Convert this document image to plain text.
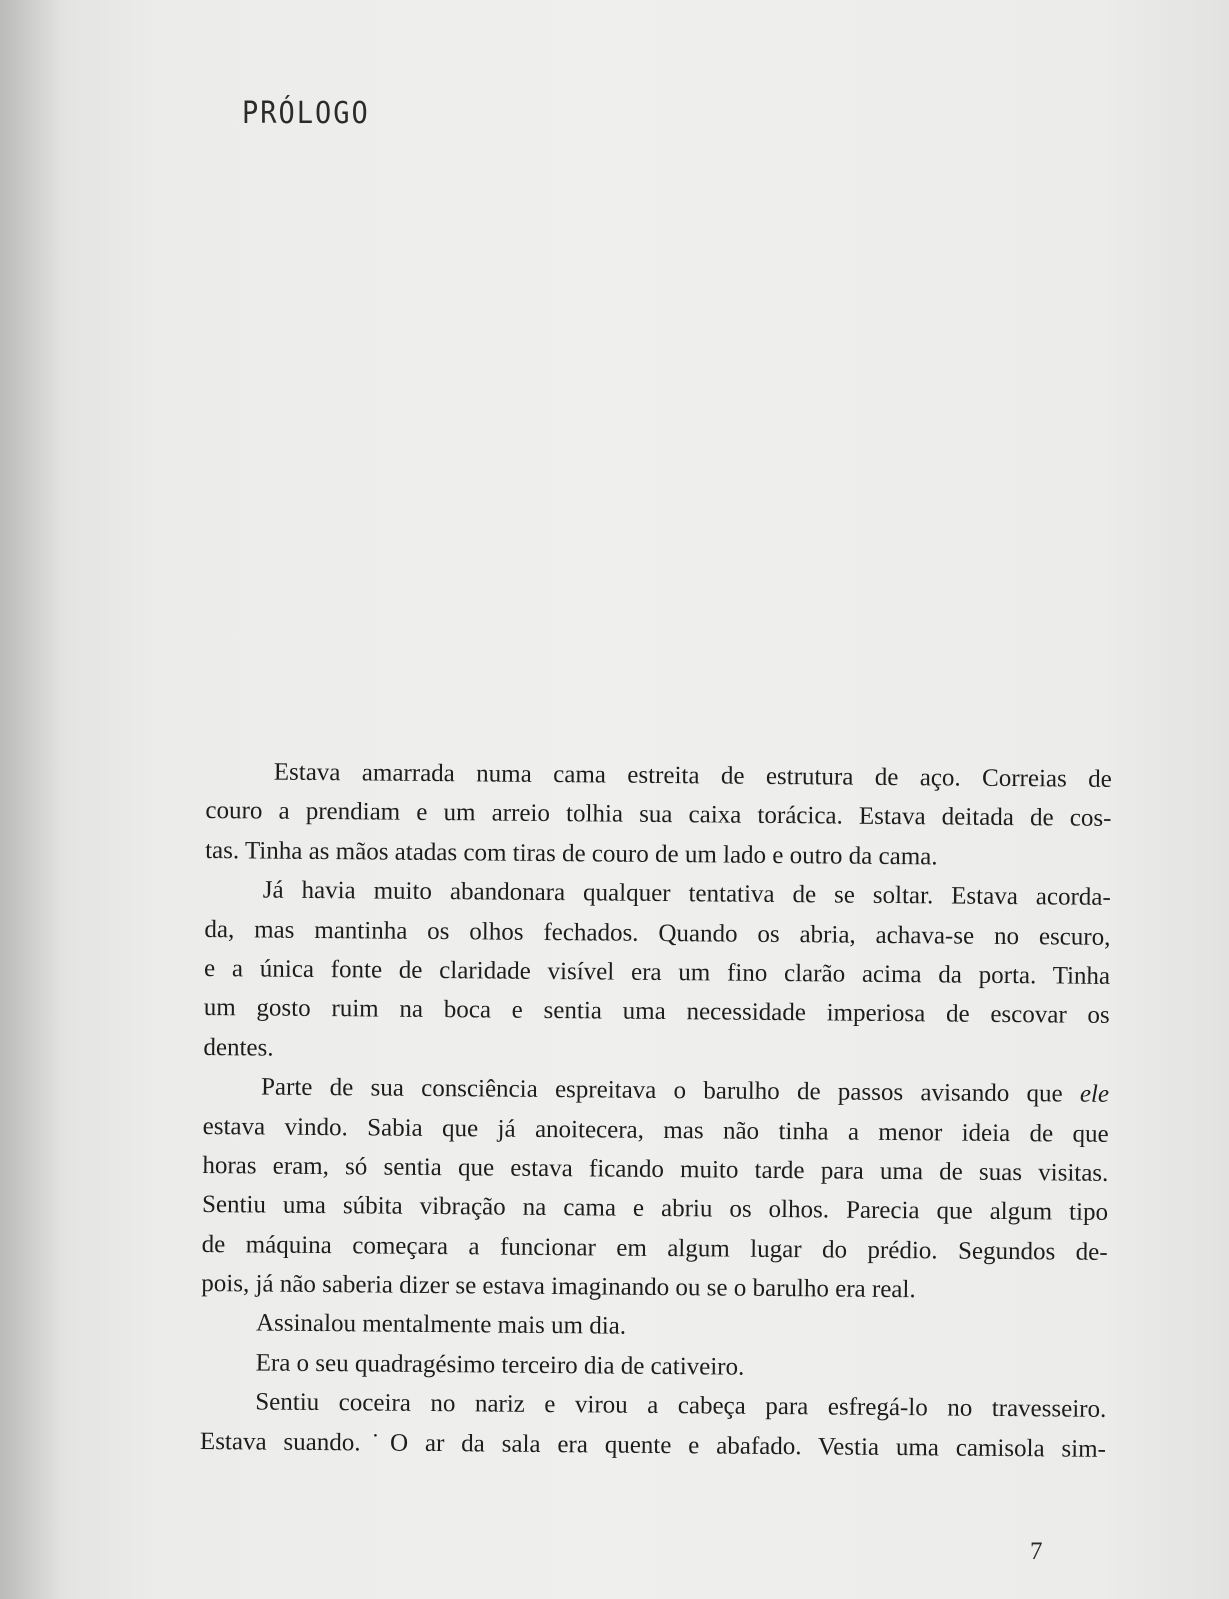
PRÓLOGO
Estava amarrada numa cama estreita de estrutura de aço. Correias de
couro a prendiam e um arreio tolhia sua caixa torácica. Estava deitada de cos-
tas. Tinha as mãos atadas com tiras de couro de um lado e outro da cama.
Já havia muito abandonara qualquer tentativa de se soltar. Estava acorda-
da, mas mantinha os olhos fechados. Quando os abria, achava-se no escuro,
e a única fonte de claridade visível era um fino clarão acima da porta. Tinha
um gosto ruim na boca e sentia uma necessidade imperiosa de escovar os
dentes.
Parte de sua consciência espreitava o barulho de passos avisando que ele
estava vindo. Sabia que já anoitecera, mas não tinha a menor ideia de que
horas eram, só sentia que estava ficando muito tarde para uma de suas visitas.
Sentiu uma súbita vibração na cama e abriu os olhos. Parecia que algum tipo
de máquina começara a funcionar em algum lugar do prédio. Segundos de-
pois, já não saberia dizer se estava imaginando ou se o barulho era real.
Assinalou mentalmente mais um dia.
Era o seu quadragésimo terceiro dia de cativeiro.
Sentiu coceira no nariz e virou a cabeça para esfregá-lo no travesseiro.
Estava suando.˙O ar da sala era quente e abafado. Vestia uma camisola sim-
7
